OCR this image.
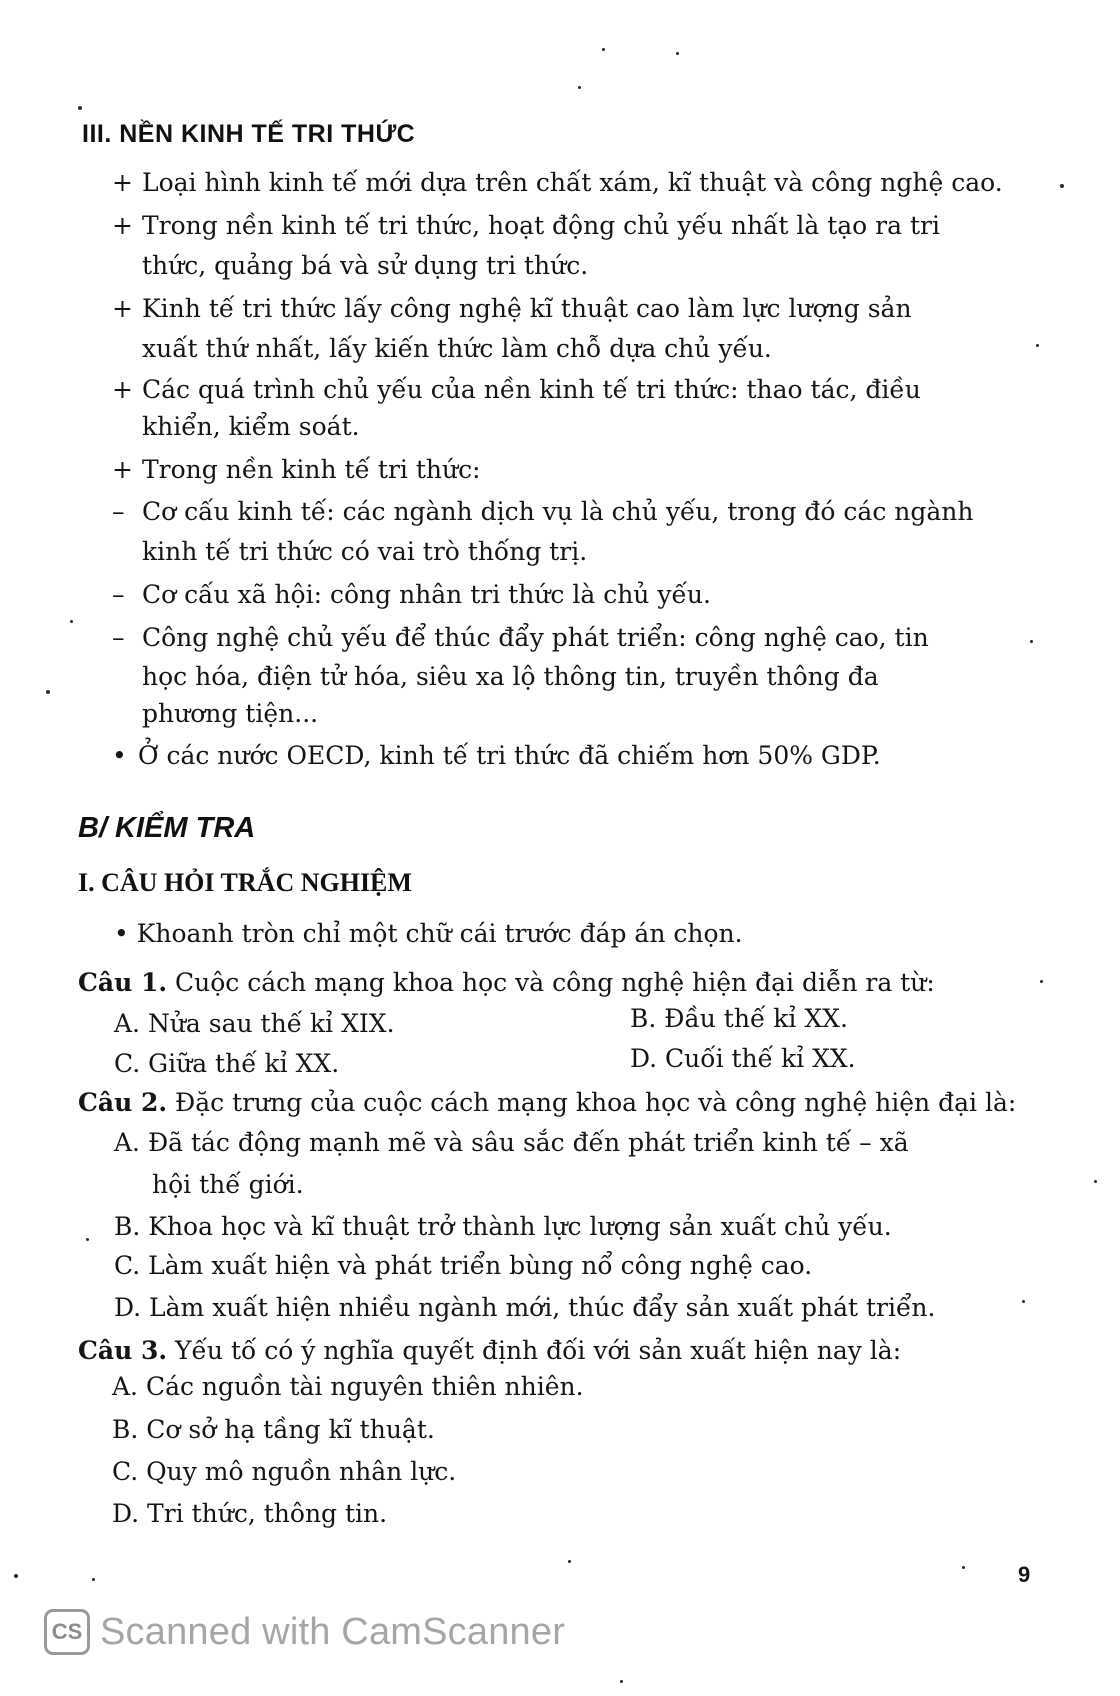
III. NỀN KINH TẾ TRI THỨC
+ Loại hình kinh tế mới dựa trên chất xám, kĩ thuật và công nghệ cao.
+ Trong nền kinh tế tri thức, hoạt động chủ yếu nhất là tạo ra tri
thức, quảng bá và sử dụng tri thức.
+ Kinh tế tri thức lấy công nghệ kĩ thuật cao làm lực lượng sản
xuất thứ nhất, lấy kiến thức làm chỗ dựa chủ yếu.
+ Các quá trình chủ yếu của nền kinh tế tri thức: thao tác, điều
khiển, kiểm soát.
+ Trong nền kinh tế tri thức:
– Cơ cấu kinh tế: các ngành dịch vụ là chủ yếu, trong đó các ngành
kinh tế tri thức có vai trò thống trị.
– Cơ cấu xã hội: công nhân tri thức là chủ yếu.
– Công nghệ chủ yếu để thúc đẩy phát triển: công nghệ cao, tin
học hóa, điện tử hóa, siêu xa lộ thông tin, truyền thông đa
phương tiện...
• Ở các nước OECD, kinh tế tri thức đã chiếm hơn 50% GDP.
B/ KIỂM TRA
I. CÂU HỎI TRẮC NGHIỆM
• Khoanh tròn chỉ một chữ cái trước đáp án chọn.
Câu 1. Cuộc cách mạng khoa học và công nghệ hiện đại diễn ra từ:
A. Nửa sau thế kỉ XIX.	B. Đầu thế kỉ XX.
C. Giữa thế kỉ XX.	D. Cuối thế kỉ XX.
Câu 2. Đặc trưng của cuộc cách mạng khoa học và công nghệ hiện đại là:
A. Đã tác động mạnh mẽ và sâu sắc đến phát triển kinh tế – xã
hội thế giới.
B. Khoa học và kĩ thuật trở thành lực lượng sản xuất chủ yếu.
C. Làm xuất hiện và phát triển bùng nổ công nghệ cao.
D. Làm xuất hiện nhiều ngành mới, thúc đẩy sản xuất phát triển.
Câu 3. Yếu tố có ý nghĩa quyết định đối với sản xuất hiện nay là:
A. Các nguồn tài nguyên thiên nhiên.
B. Cơ sở hạ tầng kĩ thuật.
C. Quy mô nguồn nhân lực.
D. Tri thức, thông tin.
9
CS Scanned with CamScanner
